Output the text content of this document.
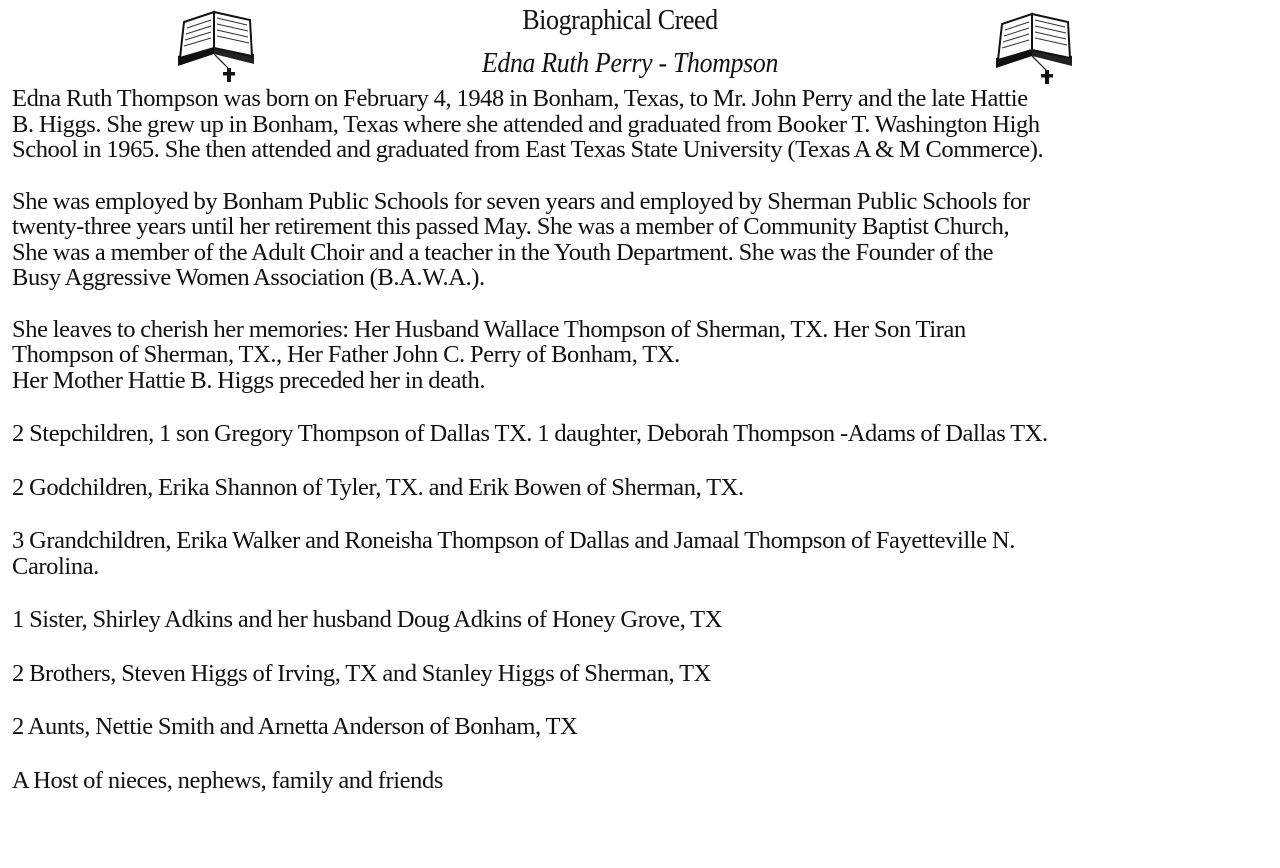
Biographical Creed
Edna Ruth Perry - Thompson

Edna Ruth Thompson was born on February 4, 1948 in Bonham, Texas, to Mr. John Perry and the late Hattie
B. Higgs. She grew up in Bonham, Texas where she attended and graduated from Booker T. Washington High
School in 1965. She then attended and graduated from East Texas State University (Texas A & M Commerce).

She was employed by Bonham Public Schools for seven years and employed by Sherman Public Schools for
twenty-three years until her retirement this passed May. She was a member of Community Baptist Church,
She was a member of the Adult Choir and a teacher in the Youth Department. She was the Founder of the
Busy Aggressive Women Association (B.A.W.A.).

She leaves to cherish her memories: Her Husband Wallace Thompson of Sherman, TX. Her Son Tiran
Thompson of Sherman, TX., Her Father John C. Perry of Bonham, TX.
Her Mother Hattie B. Higgs preceded her in death.

2 Stepchildren, 1 son Gregory Thompson of Dallas TX. 1 daughter, Deborah Thompson -Adams of Dallas TX.

2 Godchildren, Erika Shannon of Tyler, TX. and Erik Bowen of Sherman, TX.

3 Grandchildren, Erika Walker and Roneisha Thompson of Dallas and Jamaal Thompson of Fayetteville N.
Carolina.

1 Sister, Shirley Adkins and her husband Doug Adkins of Honey Grove, TX

2 Brothers, Steven Higgs of Irving, TX and Stanley Higgs of Sherman, TX

2 Aunts, Nettie Smith and Arnetta Anderson of Bonham, TX

A Host of nieces, nephews, family and friends
